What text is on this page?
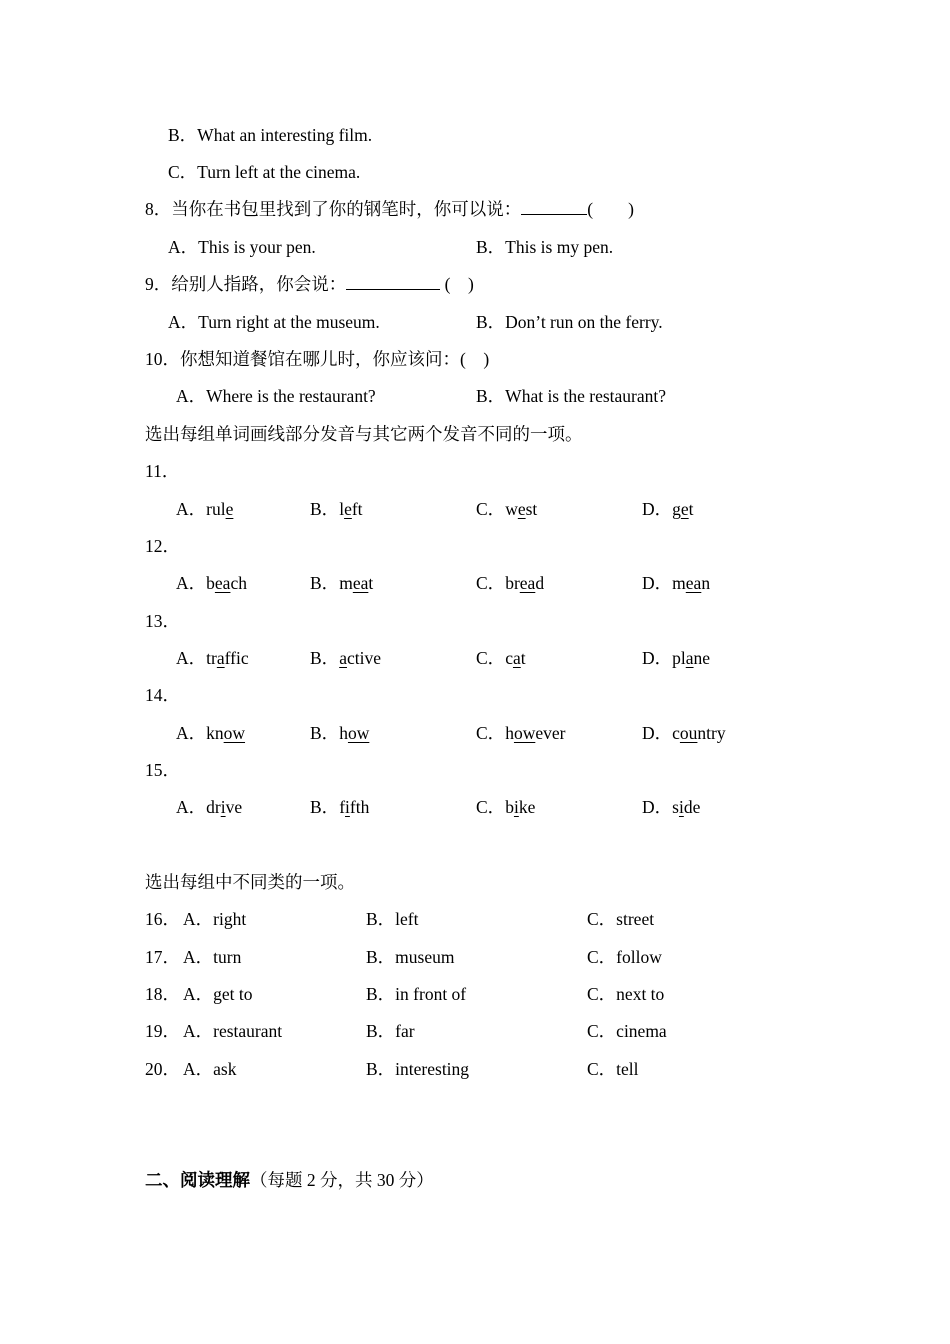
B．What an interesting film.
C．Turn left at the cinema.
8．当你在书包里找到了你的钢笔时，你可以说：	(　　)
A．This is your pen.	B．This is my pen.
9．给别人指路，你会说：	(　)
A．Turn right at the museum.	B．Don’t run on the ferry.
10．你想知道餐馆在哪儿时，你应该问：(　)
A．Where is the restaurant?	B．What is the restaurant?
选出每组单词画线部分发音与其它两个发音不同的一项。
11．
A．rule	B．left	C．west	D．get
12．
A．beach	B．meat	C．bread	D．mean
13．
A．traffic	B．active	C．cat	D．plane
14．
A．know	B．how	C．however	D．country
15．
A．drive	B．fifth	C．bike	D．side
选出每组中不同类的一项。
16． A．right	B．left	C．street
17． A．turn	B．museum	C．follow
18． A．get to	B．in front of	C．next to
19． A．restaurant	B．far	C．cinema
20． A．ask	B．interesting	C．tell
二、阅读理解（每题 2 分，共 30 分）
